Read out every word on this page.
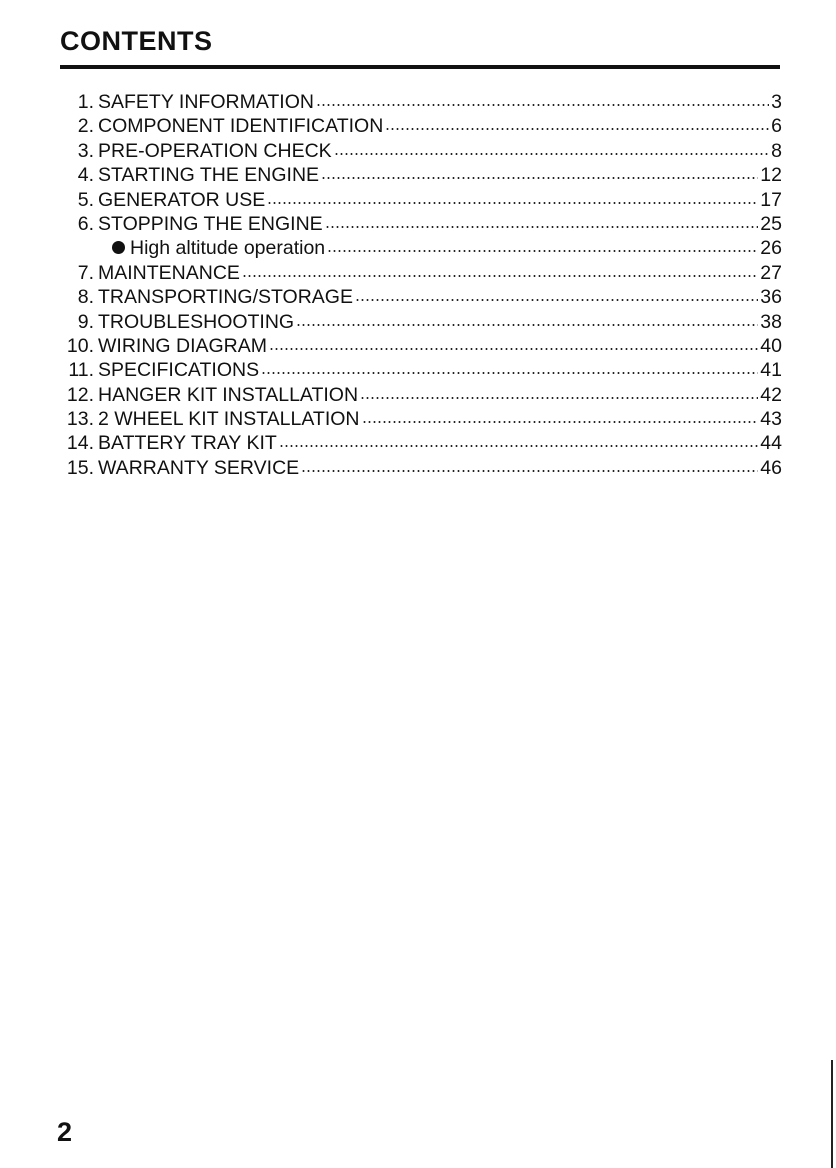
CONTENTS
1. SAFETY INFORMATION	3
2. COMPONENT IDENTIFICATION	6
3. PRE-OPERATION CHECK	8
4. STARTING THE ENGINE	12
5. GENERATOR USE	17
6. STOPPING THE ENGINE	25
High altitude operation	26
7. MAINTENANCE	27
8. TRANSPORTING/STORAGE	36
9. TROUBLESHOOTING	38
10. WIRING DIAGRAM	40
11. SPECIFICATIONS	41
12. HANGER KIT INSTALLATION	42
13. 2 WHEEL KIT INSTALLATION	43
14. BATTERY TRAY KIT	44
15. WARRANTY SERVICE	46
2
